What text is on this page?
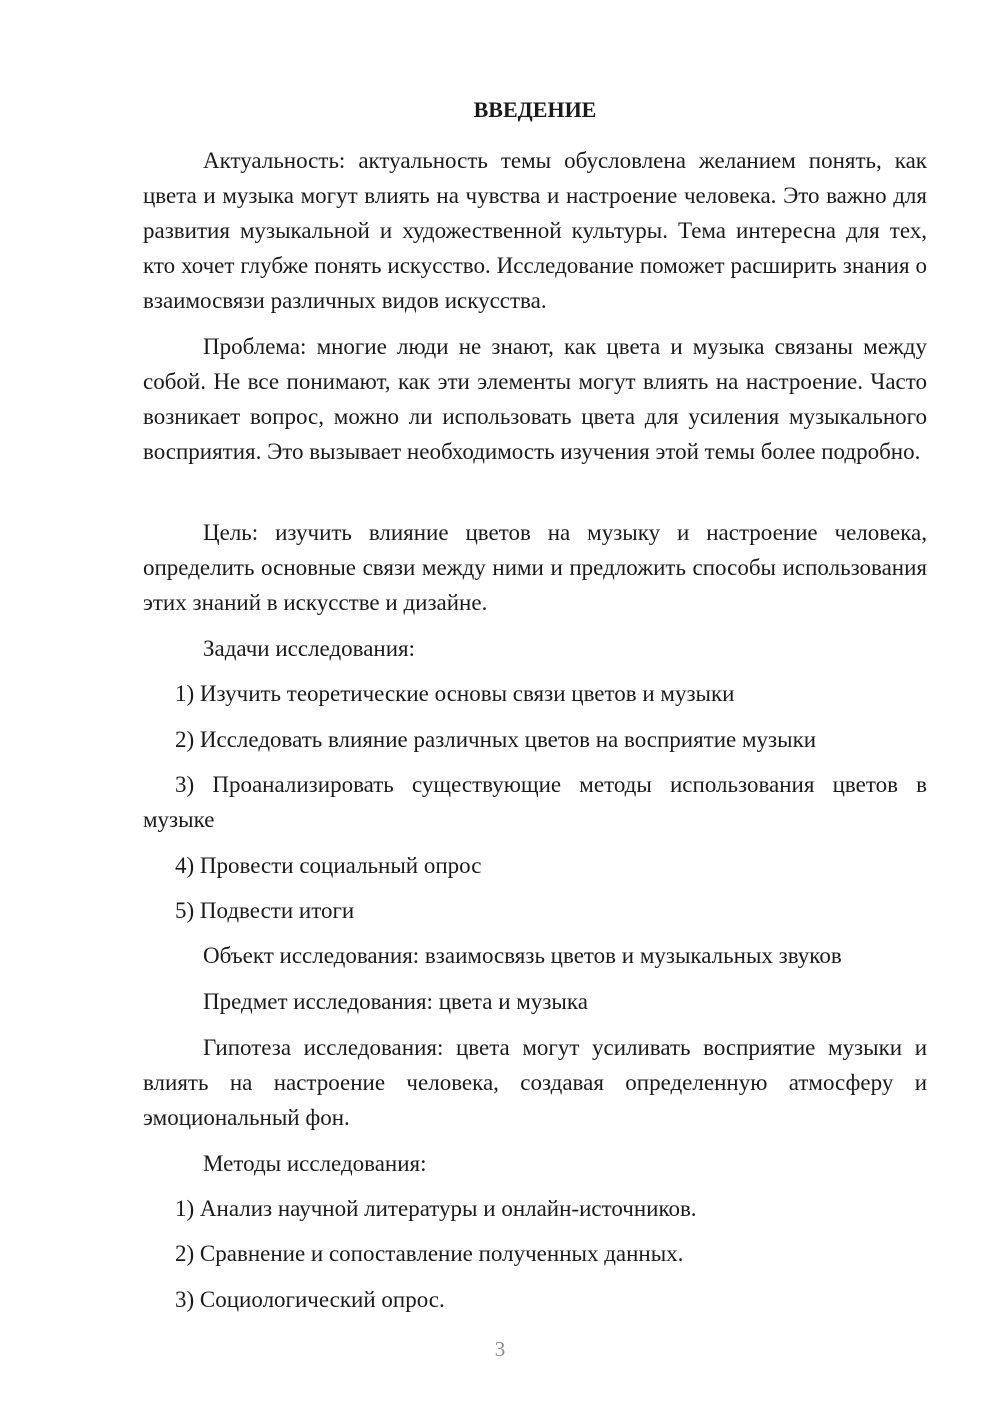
ВВЕДЕНИЕ

Актуальность: актуальность темы обусловлена желанием понять, как цвета и музыка могут влиять на чувства и настроение человека. Это важно для развития музыкальной и художественной культуры. Тема интересна для тех, кто хочет глубже понять искусство. Исследование поможет расширить знания о взаимосвязи различных видов искусства.

Проблема: многие люди не знают, как цвета и музыка связаны между собой. Не все понимают, как эти элементы могут влиять на настроение. Часто возникает вопрос, можно ли использовать цвета для усиления музыкального восприятия. Это вызывает необходимость изучения этой темы более подробно.

Цель: изучить влияние цветов на музыку и настроение человека, определить основные связи между ними и предложить способы использования этих знаний в искусстве и дизайне.

Задачи исследования:

1) Изучить теоретические основы связи цветов и музыки

2) Исследовать влияние различных цветов на восприятие музыки

3) Проанализировать существующие методы использования цветов в музыке

4) Провести социальный опрос

5) Подвести итоги

Объект исследования: взаимосвязь цветов и музыкальных звуков

Предмет исследования: цвета и музыка

Гипотеза исследования: цвета могут усиливать восприятие музыки и влиять на настроение человека, создавая определенную атмосферу и эмоциональный фон.

Методы исследования:

1) Анализ научной литературы и онлайн-источников.

2) Сравнение и сопоставление полученных данных.

3) Социологический опрос.

3
